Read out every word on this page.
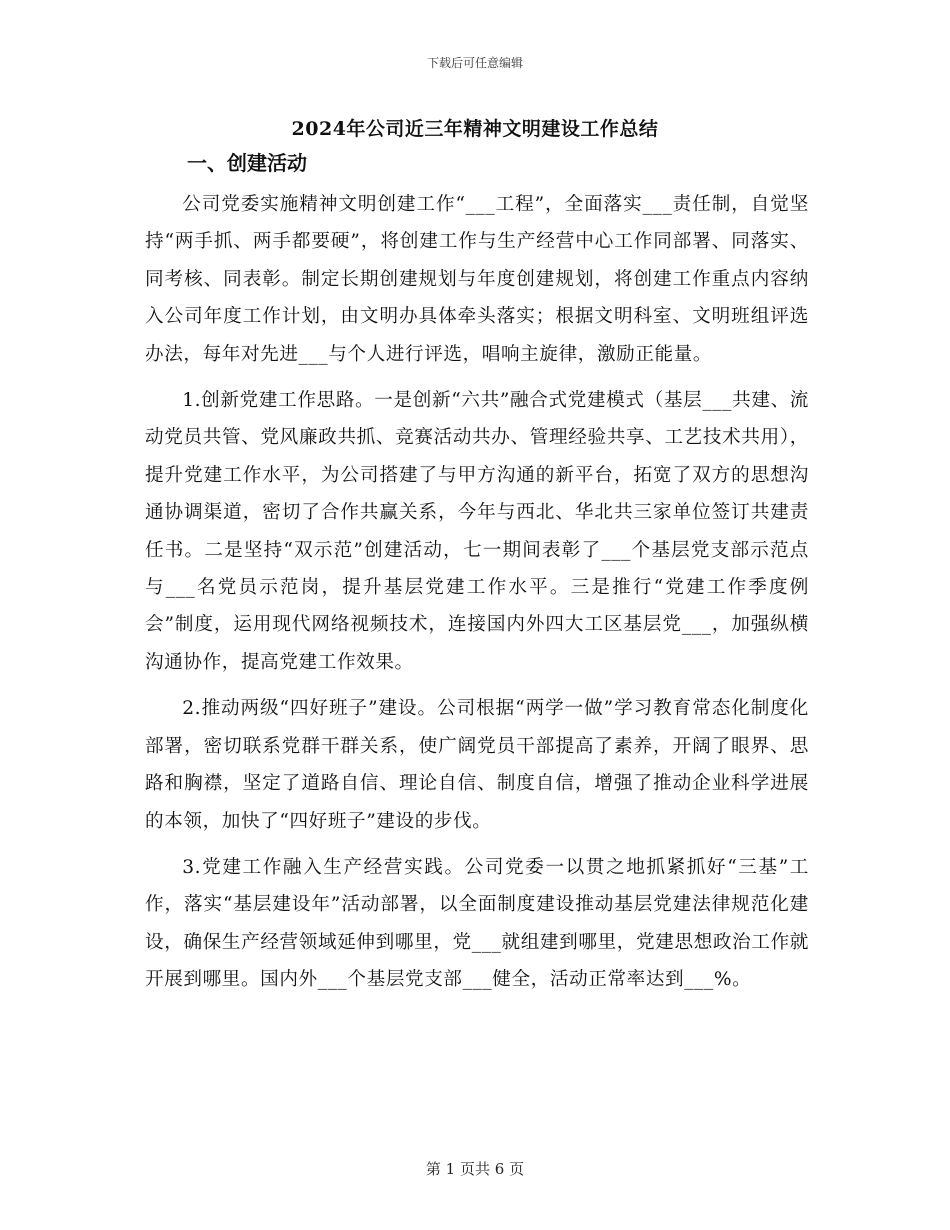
下载后可任意编辑
2024年公司近三年精神文明建设工作总结
一、创建活动

公司党委实施精神文明创建工作“___工程”，全面落实___责任制，自觉坚持“两手抓、两手都要硬”，将创建工作与生产经营中心工作同部署、同落实、同考核、同表彰。制定长期创建规划与年度创建规划，将创建工作重点内容纳入公司年度工作计划，由文明办具体牵头落实；根据文明科室、文明班组评选办法，每年对先进___与个人进行评选，唱响主旋律，激励正能量。

1.创新党建工作思路。一是创新“六共”融合式党建模式（基层___共建、流动党员共管、党风廉政共抓、竞赛活动共办、管理经验共享、工艺技术共用），提升党建工作水平，为公司搭建了与甲方沟通的新平台，拓宽了双方的思想沟通协调渠道，密切了合作共赢关系，今年与西北、华北共三家单位签订共建责任书。二是坚持“双示范”创建活动，七一期间表彰了___个基层党支部示范点与___名党员示范岗，提升基层党建工作水平。三是推行“党建工作季度例会”制度，运用现代网络视频技术，连接国内外四大工区基层党___，加强纵横沟通协作，提高党建工作效果。

2.推动两级“四好班子”建设。公司根据“两学一做”学习教育常态化制度化部署，密切联系党群干群关系，使广阔党员干部提高了素养，开阔了眼界、思路和胸襟，坚定了道路自信、理论自信、制度自信，增强了推动企业科学进展的本领，加快了“四好班子”建设的步伐。

3.党建工作融入生产经营实践。公司党委一以贯之地抓紧抓好“三基”工作，落实“基层建设年”活动部署，以全面制度建设推动基层党建法律规范化建设，确保生产经营领域延伸到哪里，党___就组建到哪里，党建思想政治工作就开展到哪里。国内外___个基层党支部___健全，活动正常率达到___%。

第 1 页共 6 页
